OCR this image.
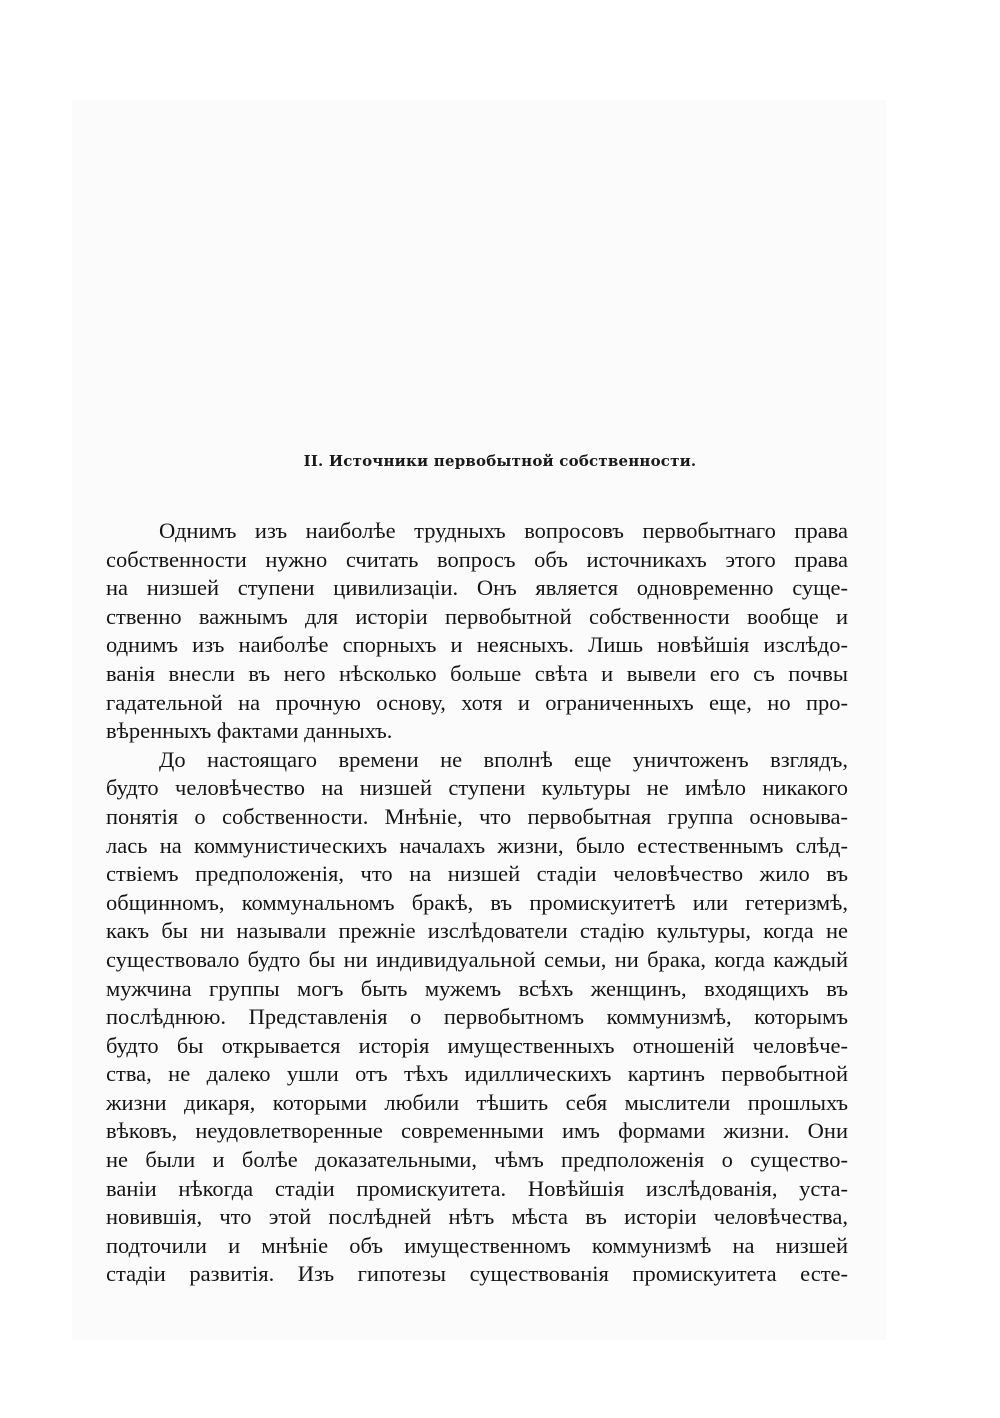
II. Источники первобытной собственности.
Однимъ изъ наиболѣе трудныхъ вопросовъ первобытнаго права
собственности нужно считать вопросъ объ источникахъ этого права
на низшей ступени цивилизаціи. Онъ является одновременно суще-
ственно важнымъ для исторіи первобытной собственности вообще и
однимъ изъ наиболѣе спорныхъ и неясныхъ. Лишь новѣйшія изслѣдо-
ванія внесли въ него нѣсколько больше свѣта и вывели его съ почвы
гадательной на прочную основу, хотя и ограниченныхъ еще, но про-
вѣренныхъ фактами данныхъ.
До настоящаго времени не вполнѣ еще уничтоженъ взглядъ,
будто человѣчество на низшей ступени культуры не имѣло никакого
понятія о собственности. Мнѣніе, что первобытная группа основыва-
лась на коммунистическихъ началахъ жизни, было естественнымъ слѣд-
ствіемъ предположенія, что на низшей стадіи человѣчество жило въ
общинномъ, коммунальномъ бракѣ, въ промискуитетѣ или гетеризмѣ,
какъ бы ни называли прежніе изслѣдователи стадію культуры, когда не
существовало будто бы ни индивидуальной семьи, ни брака, когда каждый
мужчина группы могъ быть мужемъ всѣхъ женщинъ, входящихъ въ
послѣднюю. Представленія о первобытномъ коммунизмѣ, которымъ
будто бы открывается исторія имущественныхъ отношеній человѣче-
ства, не далеко ушли отъ тѣхъ идиллическихъ картинъ первобытной
жизни дикаря, которыми любили тѣшить себя мыслители прошлыхъ
вѣковъ, неудовлетворенные современными имъ формами жизни. Они
не были и болѣе доказательными, чѣмъ предположенія о существо-
ваніи нѣкогда стадіи промискуитета. Новѣйшія изслѣдованія, уста-
новившія, что этой послѣдней нѣтъ мѣста въ исторіи человѣчества,
подточили и мнѣніе объ имущественномъ коммунизмѣ на низшей
стадіи развитія. Изъ гипотезы существованія промискуитета есте-
